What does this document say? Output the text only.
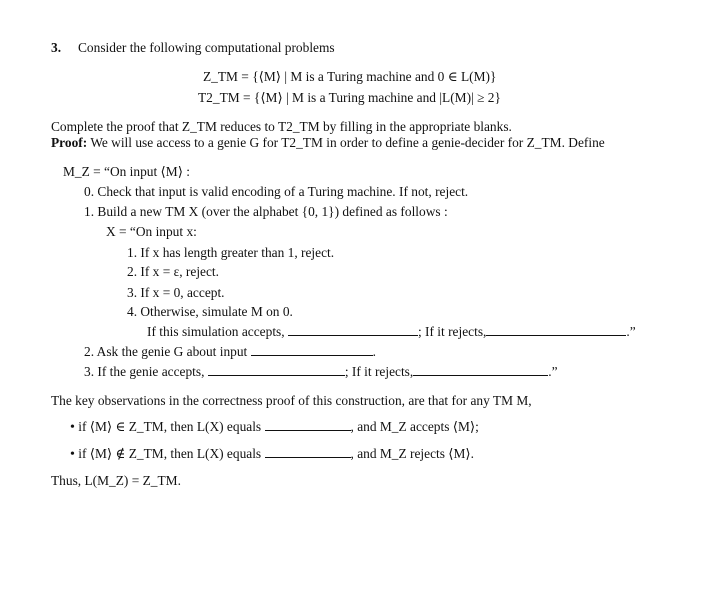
3. Consider the following computational problems
Z_TM = {⟨M⟩ | M is a Turing machine and 0 ∈ L(M)}
T2_TM = {⟨M⟩ | M is a Turing machine and |L(M)| ≥ 2}
Complete the proof that Z_TM reduces to T2_TM by filling in the appropriate blanks.
Proof: We will use access to a genie G for T2_TM in order to define a genie-decider for Z_TM. Define
M_Z = “On input ⟨M⟩ :
0. Check that input is valid encoding of a Turing machine. If not, reject.
1. Build a new TM X (over the alphabet {0, 1}) defined as follows :
X = “On input x:
1. If x has length greater than 1, reject.
2. If x = ε, reject.
3. If x = 0, accept.
4. Otherwise, simulate M on 0.
If this simulation accepts,	; If it rejects,	.”
2. Ask the genie G about input	.
3. If the genie accepts,	; If it rejects,	.”
The key observations in the correctness proof of this construction, are that for any TM M,
• if ⟨M⟩ ∈ Z_TM, then L(X) equals	, and M_Z accepts ⟨M⟩;
• if ⟨M⟩ ∉ Z_TM, then L(X) equals	, and M_Z rejects ⟨M⟩.
Thus, L(M_Z) = Z_TM.
